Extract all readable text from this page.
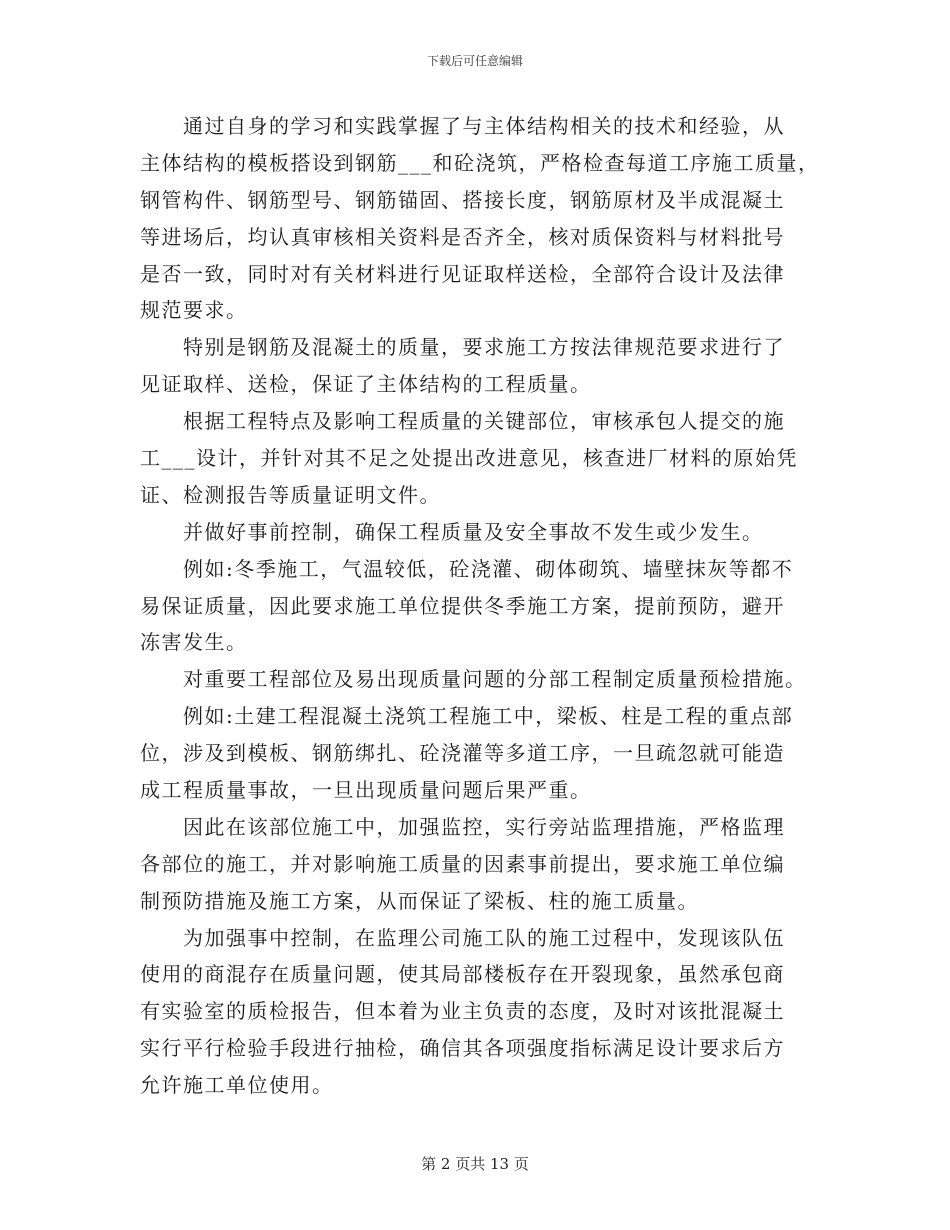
下载后可任意编辑
　　通过自身的学习和实践掌握了与主体结构相关的技术和经验，从
主体结构的模板搭设到钢筋___和砼浇筑，严格检查每道工序施工质量，
钢管构件、钢筋型号、钢筋锚固、搭接长度，钢筋原材及半成混凝土
等进场后，均认真审核相关资料是否齐全，核对质保资料与材料批号
是否一致，同时对有关材料进行见证取样送检，全部符合设计及法律
规范要求。
　　特别是钢筋及混凝土的质量，要求施工方按法律规范要求进行了
见证取样、送检，保证了主体结构的工程质量。
　　根据工程特点及影响工程质量的关键部位，审核承包人提交的施
工___设计，并针对其不足之处提出改进意见，核查进厂材料的原始凭
证、检测报告等质量证明文件。
　　并做好事前控制，确保工程质量及安全事故不发生或少发生。
　　例如:冬季施工，气温较低，砼浇灌、砌体砌筑、墙壁抹灰等都不
易保证质量，因此要求施工单位提供冬季施工方案，提前预防，避开
冻害发生。
　　对重要工程部位及易出现质量问题的分部工程制定质量预检措施。
　　例如:土建工程混凝土浇筑工程施工中，梁板、柱是工程的重点部
位，涉及到模板、钢筋绑扎、砼浇灌等多道工序，一旦疏忽就可能造
成工程质量事故，一旦出现质量问题后果严重。
　　因此在该部位施工中，加强监控，实行旁站监理措施，严格监理
各部位的施工，并对影响施工质量的因素事前提出，要求施工单位编
制预防措施及施工方案，从而保证了梁板、柱的施工质量。
　　为加强事中控制，在监理公司施工队的施工过程中，发现该队伍
使用的商混存在质量问题，使其局部楼板存在开裂现象，虽然承包商
有实验室的质检报告，但本着为业主负责的态度，及时对该批混凝土
实行平行检验手段进行抽检，确信其各项强度指标满足设计要求后方
允许施工单位使用。
第 2 页共 13 页
